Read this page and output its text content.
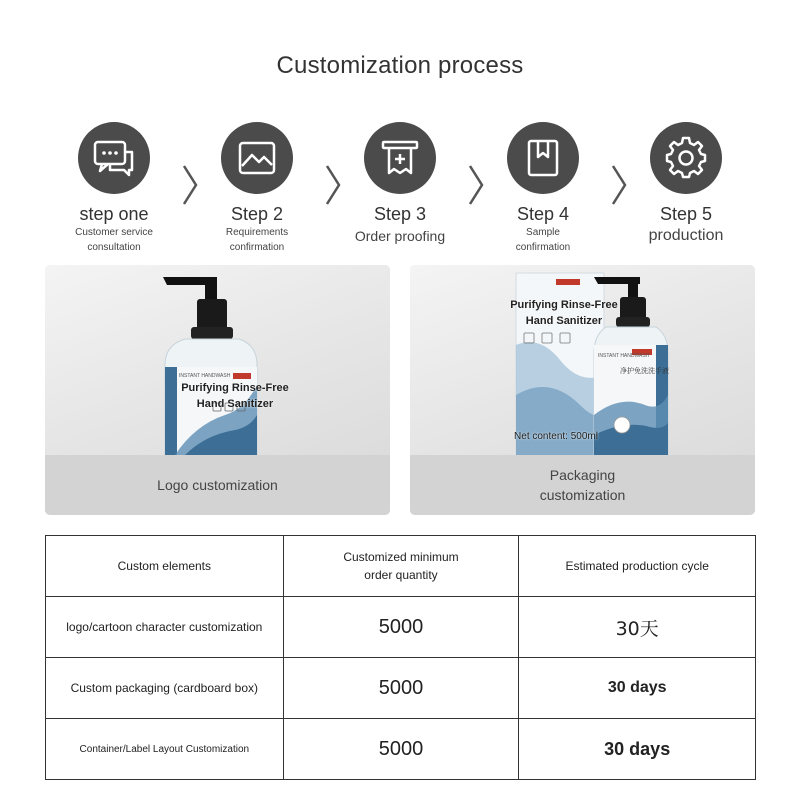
Customization process
step one
Customer service consultation
Step 2
Requirements confirmation
Step 3
Order proofing
Step 4
Sample confirmation
Step 5
production
INSTANT HANDWASH
Purifying Rinse-Free Hand Sanitizer
Logo customization
INSTANT HANDWASH
净护免洗洗手液
Purifying Rinse-Free Hand Sanitizer
Net content: 500ml
Packaging customization
Custom elements	Customized minimum order quantity	Estimated production cycle
logo/cartoon character customization	5000	30天
Custom packaging (cardboard box)	5000	30 days
Container/Label Layout Customization	5000	30 days
